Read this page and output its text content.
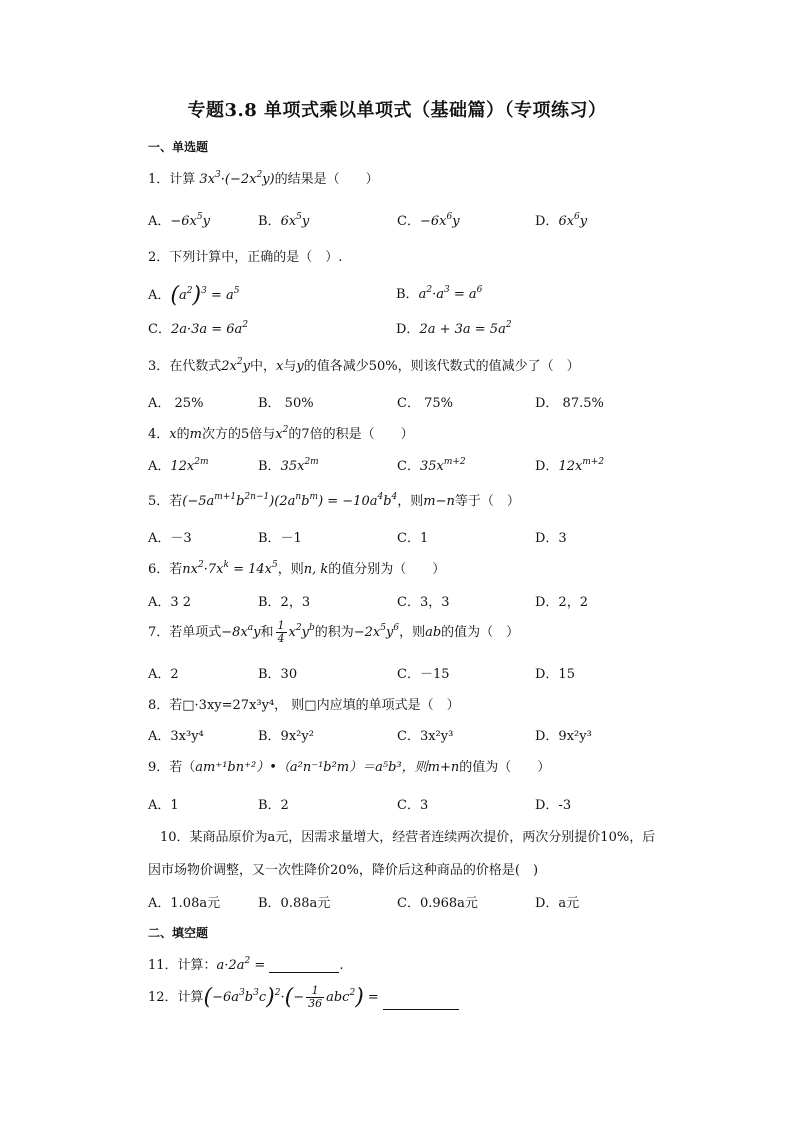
专题3.8 单项式乘以单项式（基础篇）（专项练习）
一、单选题
1．计算 $3x^3\cdot(-2x^2y)$的结果是（　　）
A．$-6x^5y$	B．$6x^5y$	C．$-6x^6y$	D．$6x^6y$
2．下列计算中，正确的是（　）.
A．$(a^2)^3 = a^5$	B．$a^2\cdot a^3 = a^6$
C．$2a\cdot 3a = 6a^2$	D．$2a + 3a = 5a^2$
3．在代数式$2x^2y$中，x与y的值各减少50%，则该代数式的值减少了（　）
A． 25%	B． 50%	C． 75%	D． 87.5%
4．x的m次方的5倍与$x^2$的7倍的积是（　　）
A．$12x^{2m}$	B．$35x^{2m}$	C．$35x^{m+2}$	D．$12x^{m+2}$
5．若$(-5a^{m+1}b^{2n-1})(2a^nb^m) = -10a^4b^4$，则m−n等于（　）
A．－3	B．－1	C．1	D．3
6．若$nx^2\cdot 7x^k = 14x^5$，则n, k的值分别为（　　）
A．3 2	B．2，3	C．3，3	D．2，2
7．若单项式$-8x^ay$和 $\frac{1}{4} x^2y^b$的积为$-2x^5y^6$，则ab的值为（　）
A．2	B．30	C．－15	D．15
8．若□·3xy=27x³y⁴， 则□内应填的单项式是（　）
A．3x³y⁴	B．9x²y²	C．3x²y³	D．9x²y³
9．若（am⁺¹bn⁺²）•（a²n⁻¹b²m）＝a⁵b³，则m+n的值为（　　）
A．1	B．2	C．3	D．-3
10．某商品原价为a元，因需求量增大，经营者连续两次提价，两次分别提价10%，后
因市场物价调整，又一次性降价20%，降价后这种商品的价格是(　)
A．1.08a元	B．0.88a元	C．0.968a元	D．a元
二、填空题
11．计算：$a\cdot 2a^2$ =	.
12．计算$(-6a^3b^3c)^2\cdot(- \frac{1}{36} abc^2)$ =
